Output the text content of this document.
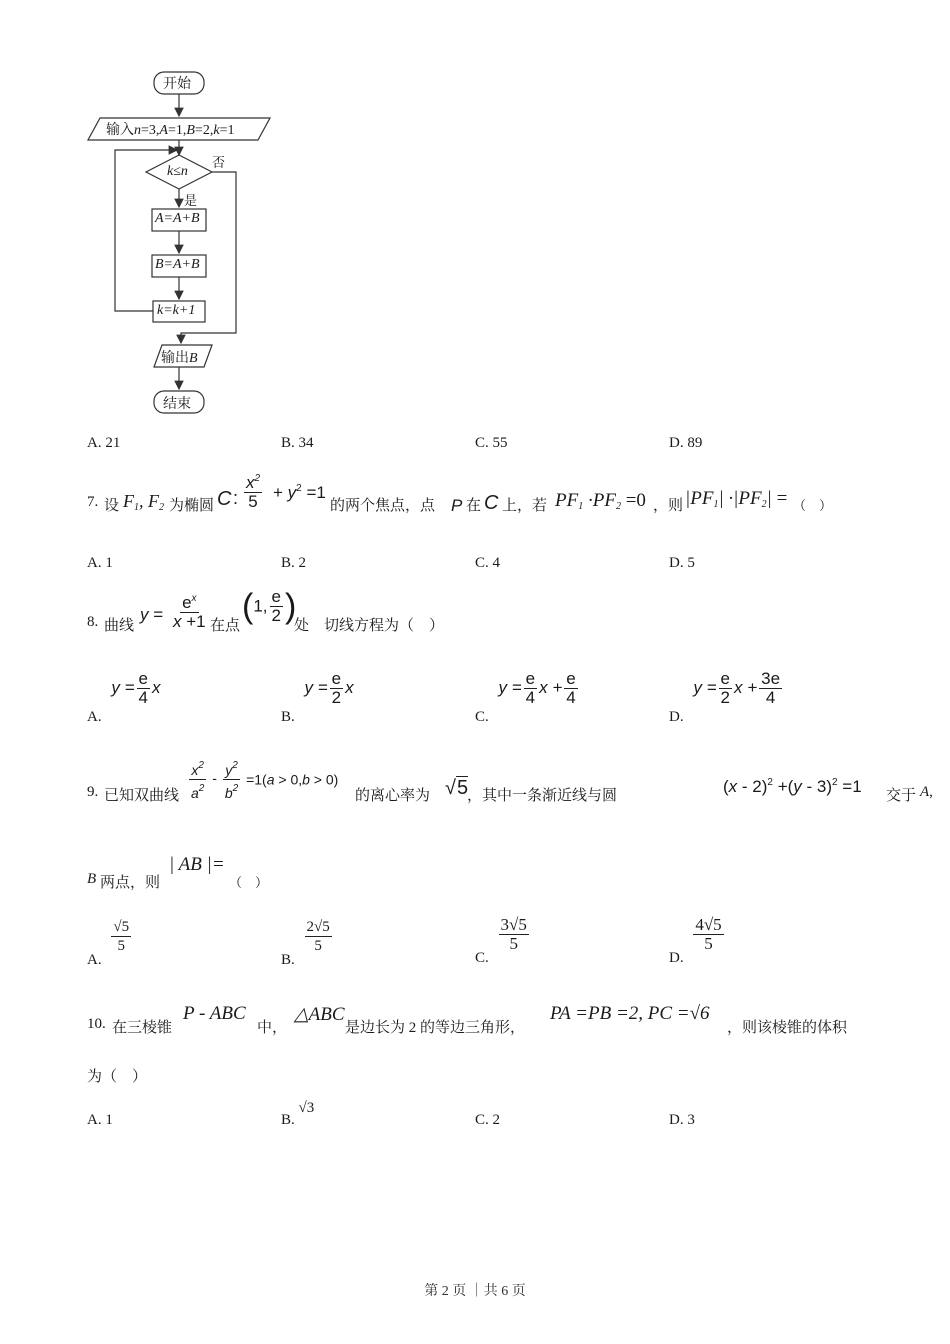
开始
输入n=3,A=1,B=2,k=1
k≤n
否
是
A=A+B
B=A+B
k=k+1
输出B
结束
A. 21	B. 34	C. 55	D. 89
7. 设 $F_1$, $F_2$ 为椭圆 C : $\frac{x^2}{5} + y^2 =1$
的两个焦点，点 P 在 C 上，若 $PF_1 \cdot PF_2 =0$ ，则 $|PF_1| \cdot|PF_2|$ = （　）
A. 1	B. 2	C. 4	D. 5
8. 曲线
$y = \frac{e^x}{x +1}$ 在点
(1, $\frac{e}{2}$ )
处　切线方程为（　）
A. $y = \frac{e}{4}$ x
B. $y = \frac{e}{2}$ x
C. $y = \frac{e}{4}$ $x + \frac{e}{4}$
D. $y = \frac{e}{2}$ $x + \frac{3e}{4}$
9. 已知双曲线 $\frac{x^2}{a^2} - \frac{y^2}{b^2} =1(a > 0,b > 0)$
的离心率为 √5
，其中一条渐近线与圆	(x - 2)$^2$ +(y - 3)$^2$ =1 交于 A,
B 两点，则
| AB |=
（　）
A.
$\frac{√5}{5}$
B.
$\frac{2√5}{5}$
C.
$\frac{3√5}{5}$
D.
$\frac{4√5}{5}$
10. 在三棱锥
P - ABC
中，
△ABC
是边长为 2 的等边三角形，
PA =PB =2, PC =√6
，则该棱锥的体积
为（　）
A. 1	B. √3
C. 2	D. 3
第 2 页 ｜共 6 页
